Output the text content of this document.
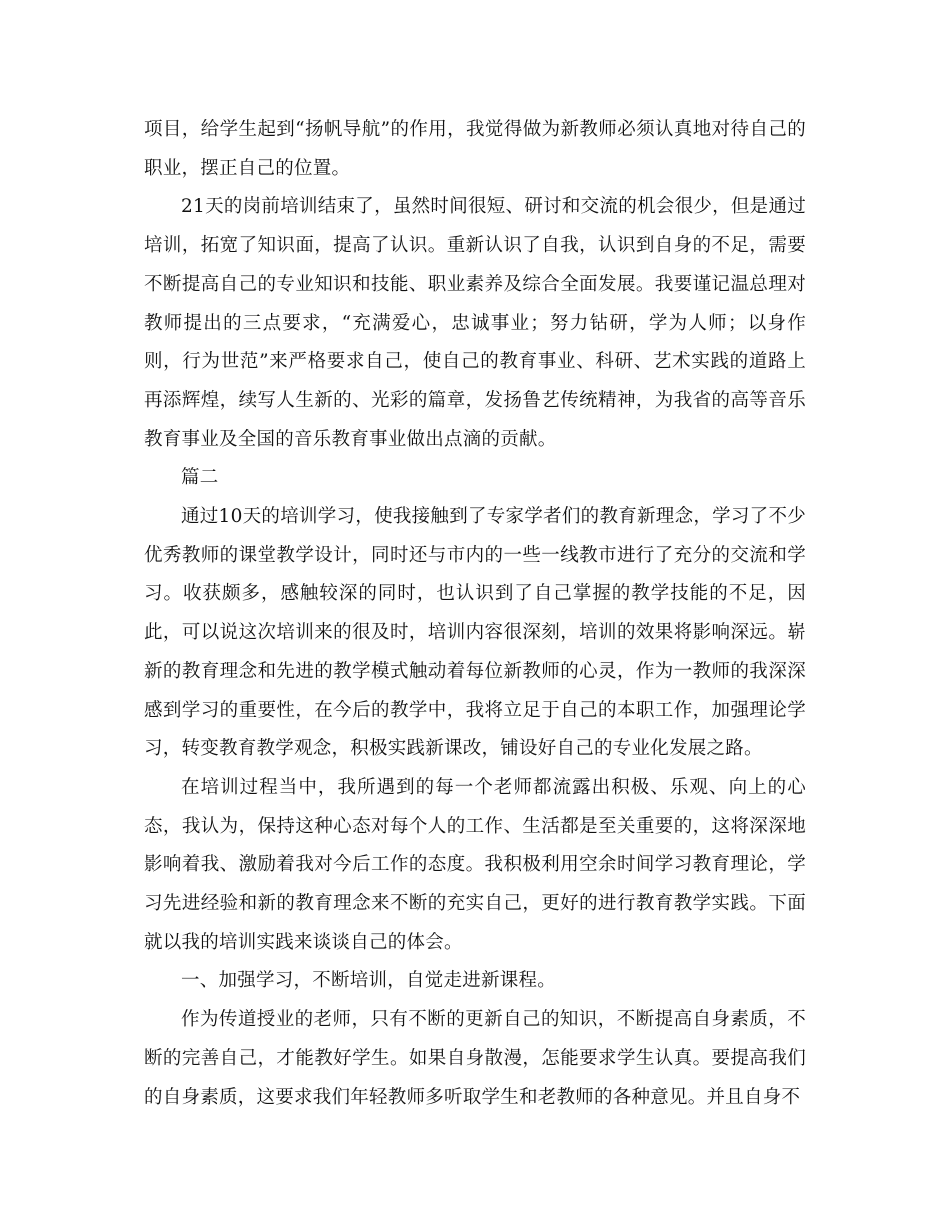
项目，给学生起到“扬帆导航”的作用，我觉得做为新教师必须认真地对待自己的职业，摆正自己的位置。

21天的岗前培训结束了，虽然时间很短、研讨和交流的机会很少，但是通过培训，拓宽了知识面，提高了认识。重新认识了自我，认识到自身的不足，需要不断提高自己的专业知识和技能、职业素养及综合全面发展。我要谨记温总理对教师提出的三点要求，“充满爱心，忠诚事业；努力钻研，学为人师；以身作则，行为世范”来严格要求自己，使自己的教育事业、科研、艺术实践的道路上再添辉煌，续写人生新的、光彩的篇章，发扬鲁艺传统精神，为我省的高等音乐教育事业及全国的音乐教育事业做出点滴的贡献。

篇二

通过10天的培训学习，使我接触到了专家学者们的教育新理念，学习了不少优秀教师的课堂教学设计，同时还与市内的一些一线教市进行了充分的交流和学习。收获颇多，感触较深的同时，也认识到了自己掌握的教学技能的不足，因此，可以说这次培训来的很及时，培训内容很深刻，培训的效果将影响深远。崭新的教育理念和先进的教学模式触动着每位新教师的心灵，作为一教师的我深深感到学习的重要性，在今后的教学中，我将立足于自己的本职工作，加强理论学习，转变教育教学观念，积极实践新课改，铺设好自己的专业化发展之路。

在培训过程当中，我所遇到的每一个老师都流露出积极、乐观、向上的心态，我认为，保持这种心态对每个人的工作、生活都是至关重要的，这将深深地影响着我、激励着我对今后工作的态度。我积极利用空余时间学习教育理论，学习先进经验和新的教育理念来不断的充实自己，更好的进行教育教学实践。下面就以我的培训实践来谈谈自己的体会。

一、加强学习，不断培训，自觉走进新课程。

作为传道授业的老师，只有不断的更新自己的知识，不断提高自身素质，不断的完善自己，才能教好学生。如果自身散漫，怎能要求学生认真。要提高我们的自身素质，这要求我们年轻教师多听取学生和老教师的各种意见。并且自身不
